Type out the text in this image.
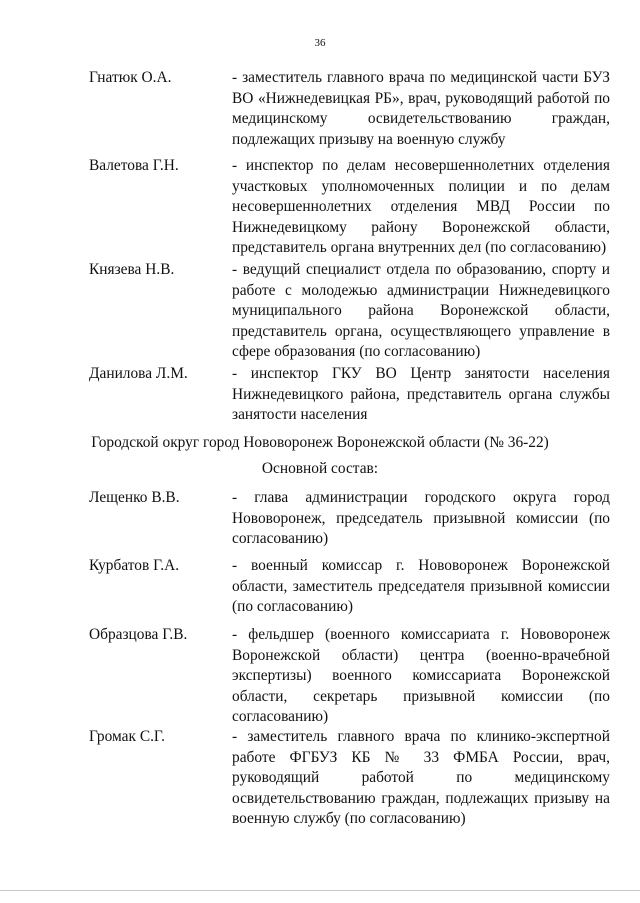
36
Гнатюк О.А.	- заместитель главного врача по медицинской части БУЗ ВО «Нижнедевицкая РБ», врач, руководящий работой по медицинскому освидетельствованию граждан, подлежащих призыву на военную службу
Валетова Г.Н.	- инспектор по делам несовершеннолетних отделения участковых уполномоченных полиции и по делам несовершеннолетних отделения МВД России по Нижнедевицкому району Воронежской области, представитель органа внутренних дел (по согласованию)
Князева Н.В.	- ведущий специалист отдела по образованию, спорту и работе с молодежью администрации Нижнедевицкого муниципального района Воронежской области, представитель органа, осуществляющего управление в сфере образования (по согласованию)
Данилова Л.М.	- инспектор ГКУ ВО Центр занятости населения Нижнедевицкого района, представитель органа службы занятости населения
Городской округ город Нововоронеж Воронежской области (№ 36-22)
Основной состав:
Лещенко В.В.	- глава администрации городского округа город Нововоронеж, председатель призывной комиссии (по согласованию)
Курбатов Г.А.	- военный комиссар г. Нововоронеж Воронежской области, заместитель председателя призывной комиссии (по согласованию)
Образцова Г.В.	- фельдшер (военного комиссариата г. Нововоронеж Воронежской области) центра (военно-врачебной экспертизы) военного комиссариата Воронежской области, секретарь призывной комиссии (по согласованию)
Громак С.Г.	- заместитель главного врача по клинико-экспертной работе ФГБУЗ КБ № 33 ФМБА России, врач, руководящий работой по медицинскому освидетельствованию граждан, подлежащих призыву на военную службу (по согласованию)
